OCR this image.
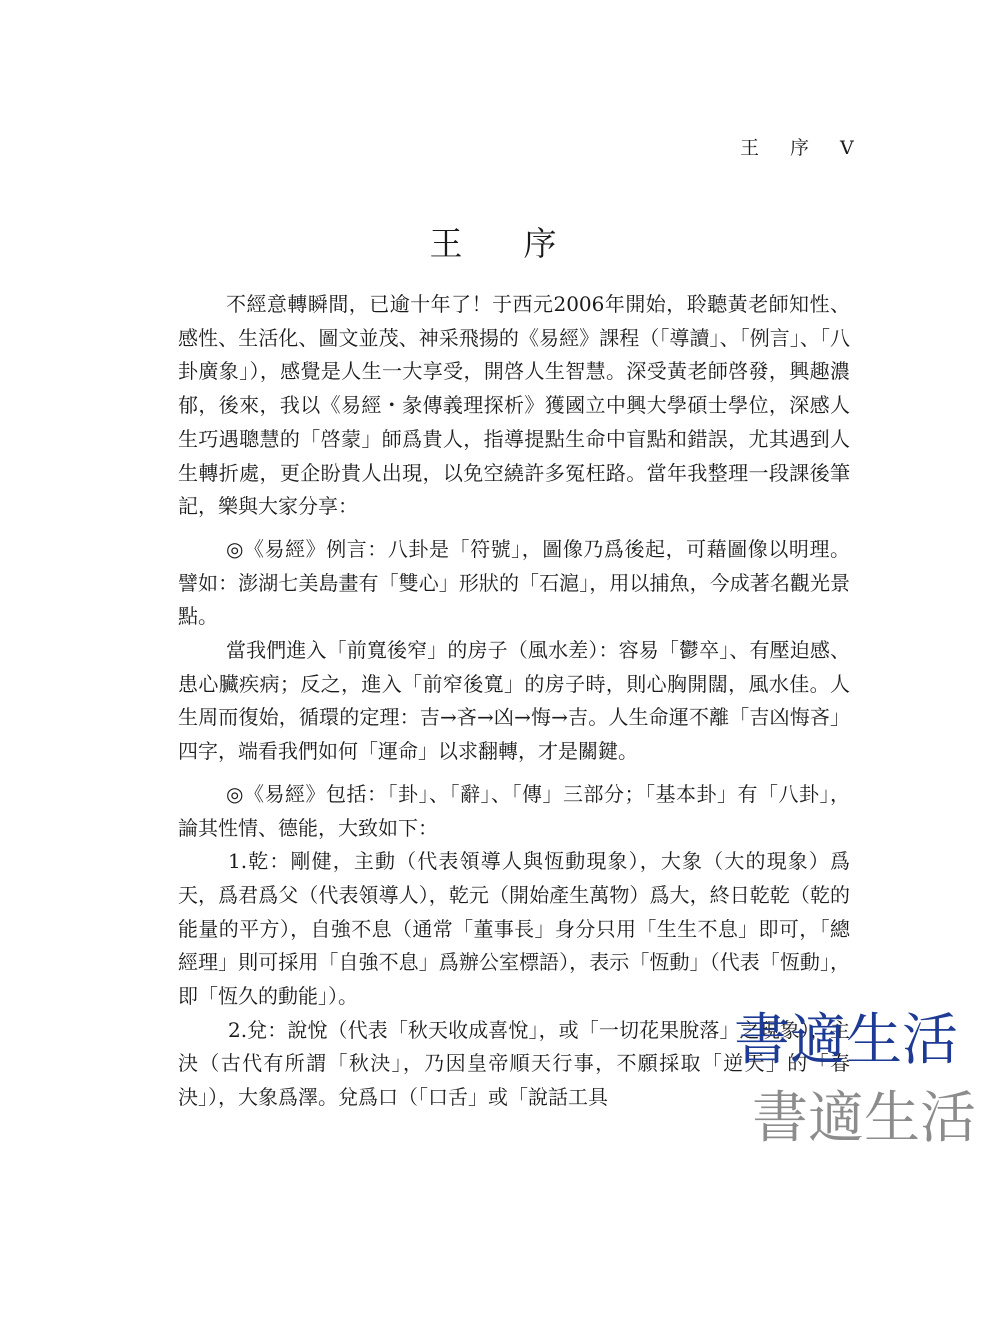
王　序　V
王　序

不經意轉瞬間，已逾十年了！于西元2006年開始，聆聽黃老師知性、感性、生活化、圖文並茂、神采飛揚的《易經》課程（「導讀」、「例言」、「八卦廣象」），感覺是人生一大享受，開啓人生智慧。深受黃老師啓發，興趣濃郁，後來，我以《易經・彖傳義理探析》獲國立中興大學碩士學位，深感人生巧遇聰慧的「啓蒙」師爲貴人，指導提點生命中盲點和錯誤，尤其遇到人生轉折處，更企盼貴人出現，以免空繞許多冤枉路。當年我整理一段課後筆記，樂與大家分享：

◎《易經》例言：八卦是「符號」，圖像乃爲後起，可藉圖像以明理。譬如：澎湖七美島畫有「雙心」形狀的「石滬」，用以捕魚，今成著名觀光景點。

當我們進入「前寬後窄」的房子（風水差）：容易「鬱卒」、有壓迫感、患心臟疾病；反之，進入「前窄後寬」的房子時，則心胸開闊，風水佳。人生周而復始，循環的定理：吉→吝→凶→悔→吉。人生命運不離「吉凶悔吝」四字，端看我們如何「運命」以求翻轉，才是關鍵。

◎《易經》包括：「卦」、「辭」、「傳」三部分；「基本卦」有「八卦」，論其性情、德能，大致如下：

1.乾：剛健，主動（代表領導人與恆動現象），大象（大的現象）爲天，爲君爲父（代表領導人），乾元（開始產生萬物）爲大，終日乾乾（乾的能量的平方），自強不息（通常「董事長」身分只用「生生不息」即可，「總經理」則可採用「自強不息」爲辦公室標語），表示「恆動」（代表「恆動」，即「恆久的動能」）。

2.兌：說悅（代表「秋天收成喜悅」，或「一切花果脫落」之現象），主決（古代有所謂「秋決」，乃因皇帝順天行事，不願採取「逆天」的「春決」），大象爲澤。兌爲口（「口舌」或「說話工具

書適生活
書適生活
